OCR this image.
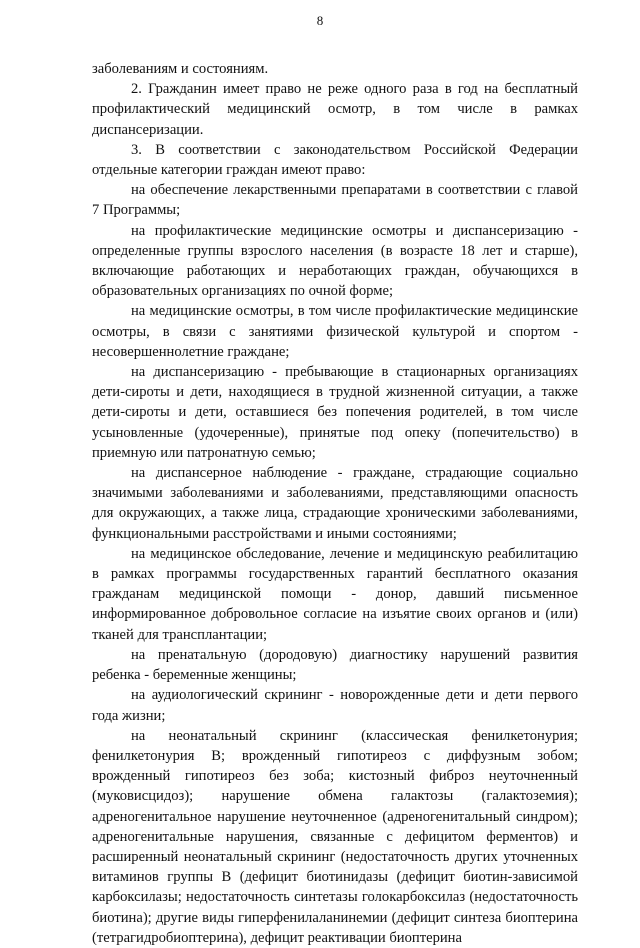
8

заболеваниям и состояниям.

2. Гражданин имеет право не реже одного раза в год на бесплатный профилактический медицинский осмотр, в том числе в рамках диспансеризации.

3. В соответствии с законодательством Российской Федерации отдельные категории граждан имеют право:

на обеспечение лекарственными препаратами в соответствии с главой 7 Программы;

на профилактические медицинские осмотры и диспансеризацию - определенные группы взрослого населения (в возрасте 18 лет и старше), включающие работающих и неработающих граждан, обучающихся в образовательных организациях по очной форме;

на медицинские осмотры, в том числе профилактические медицинские осмотры, в связи с занятиями физической культурой и спортом - несовершеннолетние граждане;

на диспансеризацию - пребывающие в стационарных организациях дети-сироты и дети, находящиеся в трудной жизненной ситуации, а также дети-сироты и дети, оставшиеся без попечения родителей, в том числе усыновленные (удочеренные), принятые под опеку (попечительство) в приемную или патронатную семью;

на диспансерное наблюдение - граждане, страдающие социально значимыми заболеваниями и заболеваниями, представляющими опасность для окружающих, а также лица, страдающие хроническими заболеваниями, функциональными расстройствами и иными состояниями;

на медицинское обследование, лечение и медицинскую реабилитацию в рамках программы государственных гарантий бесплатного оказания гражданам медицинской помощи - донор, давший письменное информированное добровольное согласие на изъятие своих органов и (или) тканей для трансплантации;

на пренатальную (дородовую) диагностику нарушений развития ребенка - беременные женщины;

на аудиологический скрининг - новорожденные дети и дети первого года жизни;

на неонатальный скрининг (классическая фенилкетонурия; фенилкетонурия B; врожденный гипотиреоз с диффузным зобом; врожденный гипотиреоз без зоба; кистозный фиброз неуточненный (муковисцидоз); нарушение обмена галактозы (галактоземия); адреногенитальное нарушение неуточненное (адреногенитальный синдром); адреногенитальные нарушения, связанные с дефицитом ферментов) и расширенный неонатальный скрининг (недостаточность других уточненных витаминов группы B (дефицит биотинидазы (дефицит биотин-зависимой карбоксилазы; недостаточность синтетазы голокарбоксилаз (недостаточность биотина); другие виды гиперфенилаланинемии (дефицит синтеза биоптерина (тетрагидробиоптерина), дефицит реактивации биоптерина
